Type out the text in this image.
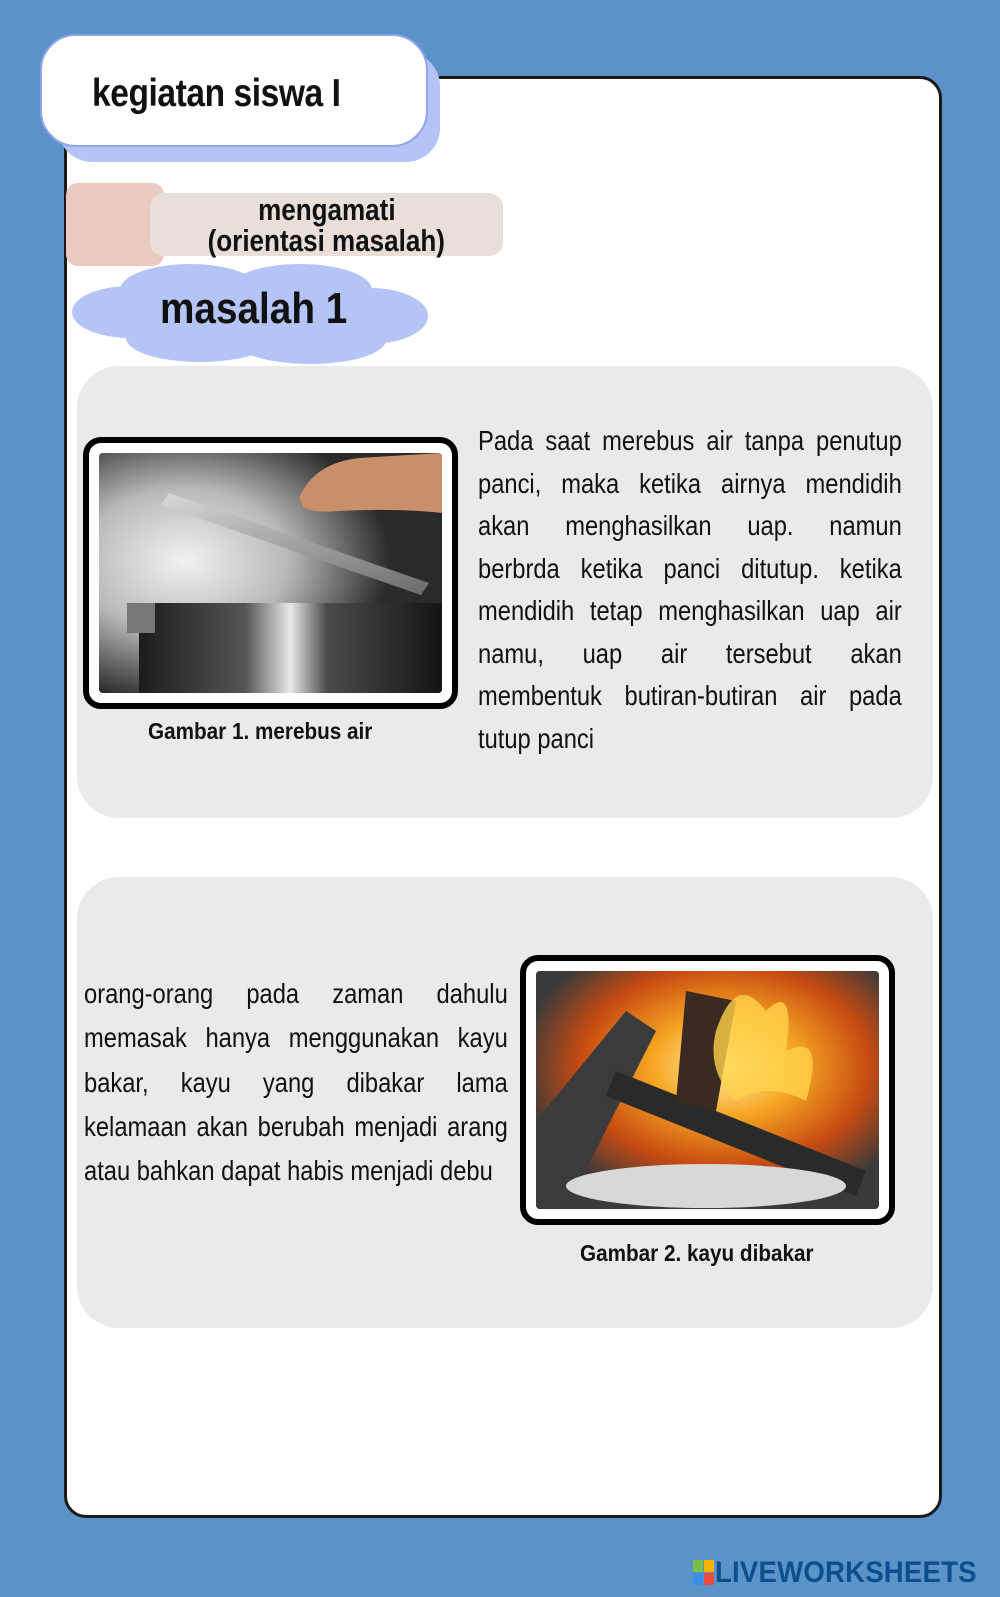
kegiatan siswa I
mengamati
(orientasi masalah)
masalah 1
Gambar 1. merebus air
Pada saat merebus air tanpa penutup panci, maka ketika airnya mendidih akan menghasilkan uap. namun berbrda ketika panci ditutup. ketika mendidih tetap menghasilkan uap air namu, uap air tersebut akan membentuk butiran-butiran air pada tutup panci
orang-orang pada zaman dahulu memasak hanya menggunakan kayu bakar, kayu yang dibakar lama kelamaan akan berubah menjadi arang atau bahkan dapat habis menjadi debu
Gambar 2. kayu dibakar
LIVEWORKSHEETS
